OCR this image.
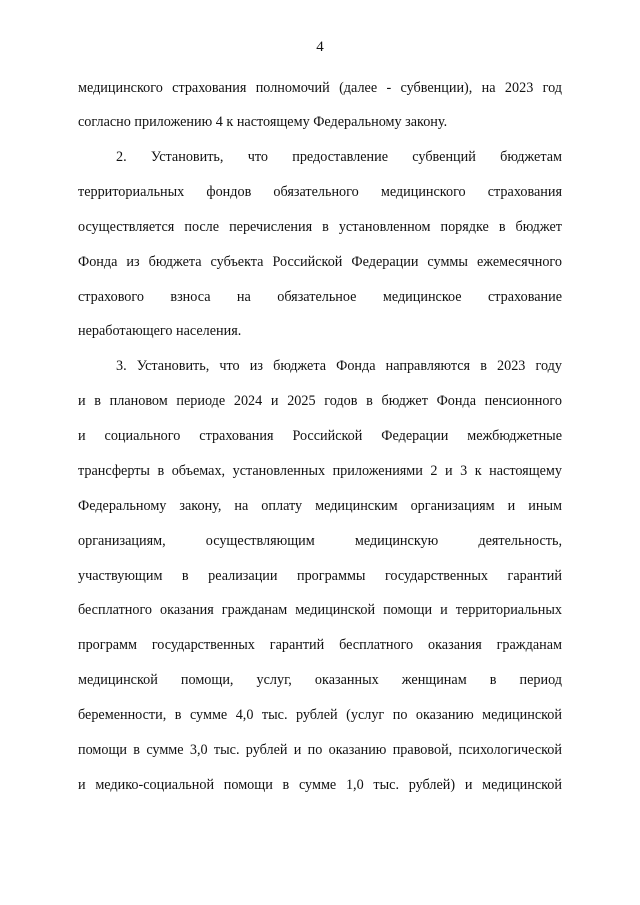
4
медицинского страхования полномочий (далее - субвенции), на 2023 год
согласно приложению 4 к настоящему Федеральному закону.
2. Установить, что предоставление субвенций бюджетам
территориальных фондов обязательного медицинского страхования
осуществляется после перечисления в установленном порядке в бюджет
Фонда из бюджета субъекта Российской Федерации суммы ежемесячного
страхового взноса на обязательное медицинское страхование
неработающего населения.
3. Установить, что из бюджета Фонда направляются в 2023 году
и в плановом периоде 2024 и 2025 годов в бюджет Фонда пенсионного
и социального страхования Российской Федерации межбюджетные
трансферты в объемах, установленных приложениями 2 и 3 к настоящему
Федеральному закону, на оплату медицинским организациям и иным
организациям, осуществляющим медицинскую деятельность,
участвующим в реализации программы государственных гарантий
бесплатного оказания гражданам медицинской помощи и территориальных
программ государственных гарантий бесплатного оказания гражданам
медицинской помощи, услуг, оказанных женщинам в период
беременности, в сумме 4,0 тыс. рублей (услуг по оказанию медицинской
помощи в сумме 3,0 тыс. рублей и по оказанию правовой, психологической
и медико-социальной помощи в сумме 1,0 тыс. рублей) и медицинской
